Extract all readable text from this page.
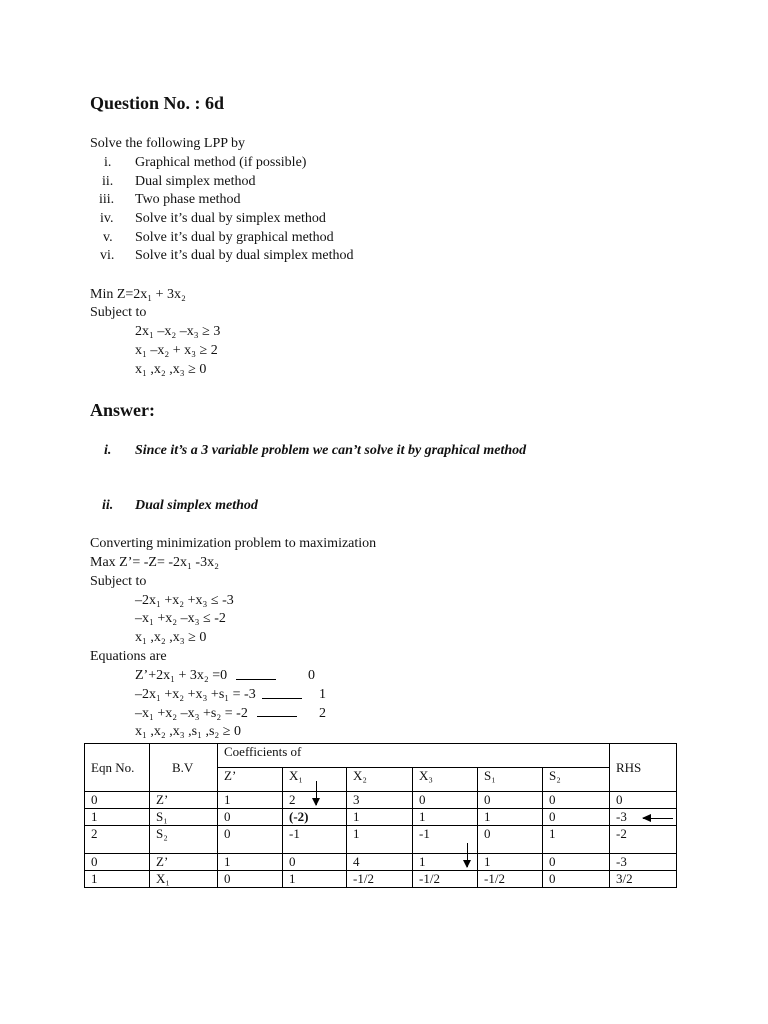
Question No. : 6d
Solve the following LPP by
i. Graphical method (if possible)
ii. Dual simplex method
iii. Two phase method
iv. Solve it’s dual by simplex method
v. Solve it’s dual by graphical method
vi. Solve it’s dual by dual simplex method
Min Z=2x₁ + 3x₂
Subject to
2x₁ –x₂ –x₃ ≥ 3
x₁ –x₂ + x₃ ≥ 2
x₁ ,x₂ ,x₃ ≥ 0
Answer:
i. Since it’s a 3 variable problem we can’t solve it by graphical method
ii. Dual simplex method
Converting minimization problem to maximization
Max Z’= -Z= -2x₁ -3x₂
Subject to
–2x₁ +x₂ +x₃ ≤ -3
–x₁ +x₂ –x₃ ≤ -2
x₁ ,x₂ ,x₃ ≥ 0
Equations are
Z’+2x₁ + 3x₂ =0	0
–2x₁ +x₂ +x₃ +s₁ = -3	1
–x₁ +x₂ –x₃ +s₂ = -2	2
x₁ ,x₂ ,x₃ ,s₁ ,s₂ ≥ 0
Eqn No.	B.V	Coefficients of						RHS
		Z’	X₁	X₂	X₃	S₁	S₂	
0	Z’	1	2	3	0	0	0	0
1	S₁	0	(-2)	1	1	1	0	-3
2	S₂	0	-1	1	-1	0	1	-2
0	Z’	1	0	4	1	1	0	-3
1	X₁	0	1	-1/2	-1/2	-1/2	0	3/2
